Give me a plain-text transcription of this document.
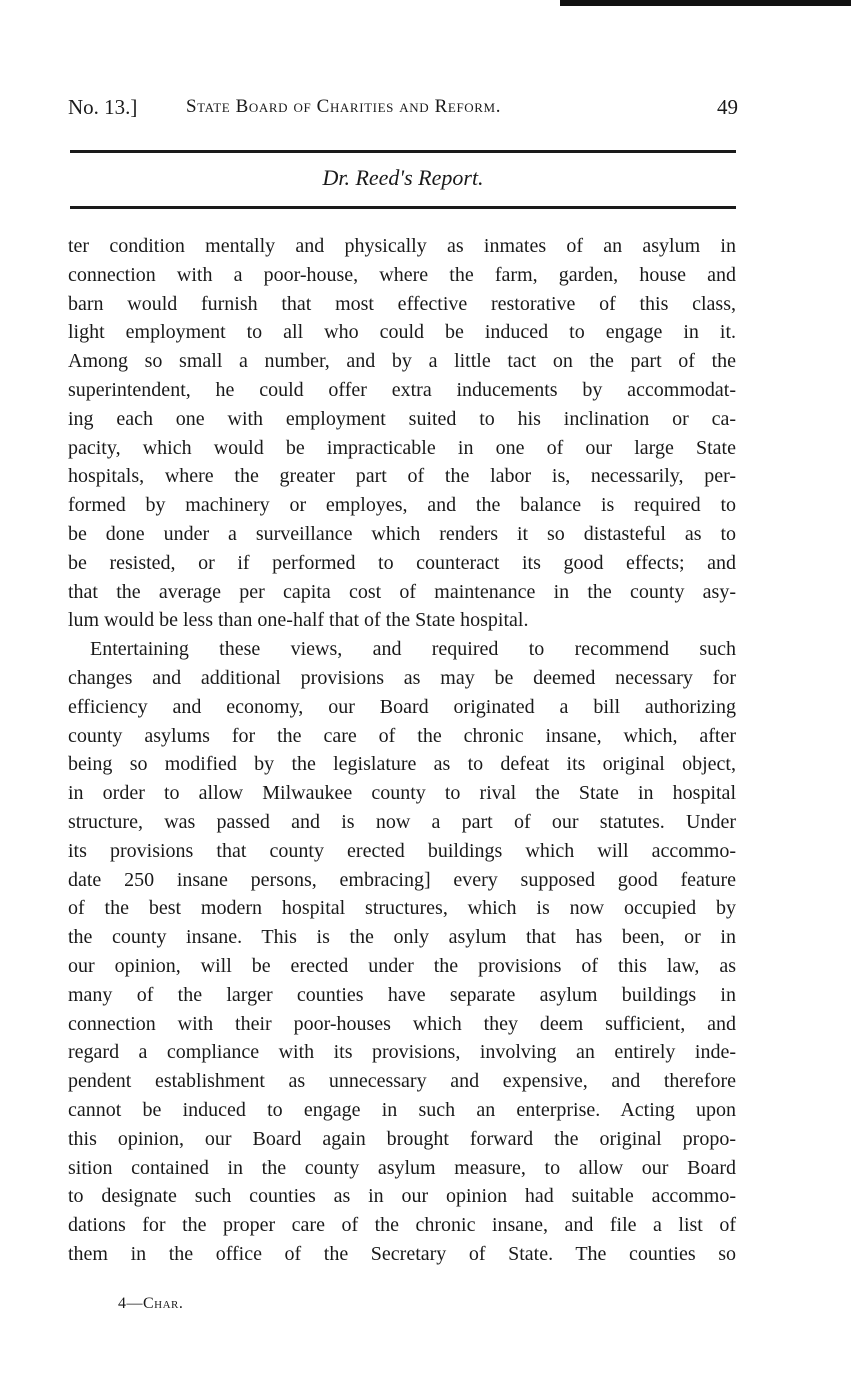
No. 13.]	State Board of Charities and Reform.	49
Dr. Reed's Report.
ter condition mentally and physically as inmates of an asylum in
connection with a poor-house, where the farm, garden, house and
barn would furnish that most effective restorative of this class,
light employment to all who could be induced to engage in it.
Among so small a number, and by a little tact on the part of the
superintendent, he could offer extra inducements by accommodat-
ing each one with employment suited to his inclination or ca-
pacity, which would be impracticable in one of our large State
hospitals, where the greater part of the labor is, necessarily, per-
formed by machinery or employes, and the balance is required to
be done under a surveillance which renders it so distasteful as to
be resisted, or if performed to counteract its good effects; and
that the average per capita cost of maintenance in the county asy-
lum would be less than one-half that of the State hospital.
Entertaining these views, and required to recommend such
changes and additional provisions as may be deemed necessary for
efficiency and economy, our Board originated a bill authorizing
county asylums for the care of the chronic insane, which, after
being so modified by the legislature as to defeat its original object,
in order to allow Milwaukee county to rival the State in hospital
structure, was passed and is now a part of our statutes. Under
its provisions that county erected buildings which will accommo-
date 250 insane persons, embracing] every supposed good feature
of the best modern hospital structures, which is now occupied by
the county insane. This is the only asylum that has been, or in
our opinion, will be erected under the provisions of this law, as
many of the larger counties have separate asylum buildings in
connection with their poor-houses which they deem sufficient, and
regard a compliance with its provisions, involving an entirely inde-
pendent establishment as unnecessary and expensive, and therefore
cannot be induced to engage in such an enterprise. Acting upon
this opinion, our Board again brought forward the original propo-
sition contained in the county asylum measure, to allow our Board
to designate such counties as in our opinion had suitable accommo-
dations for the proper care of the chronic insane, and file a list of
them in the office of the Secretary of State. The counties so
4—Char.
